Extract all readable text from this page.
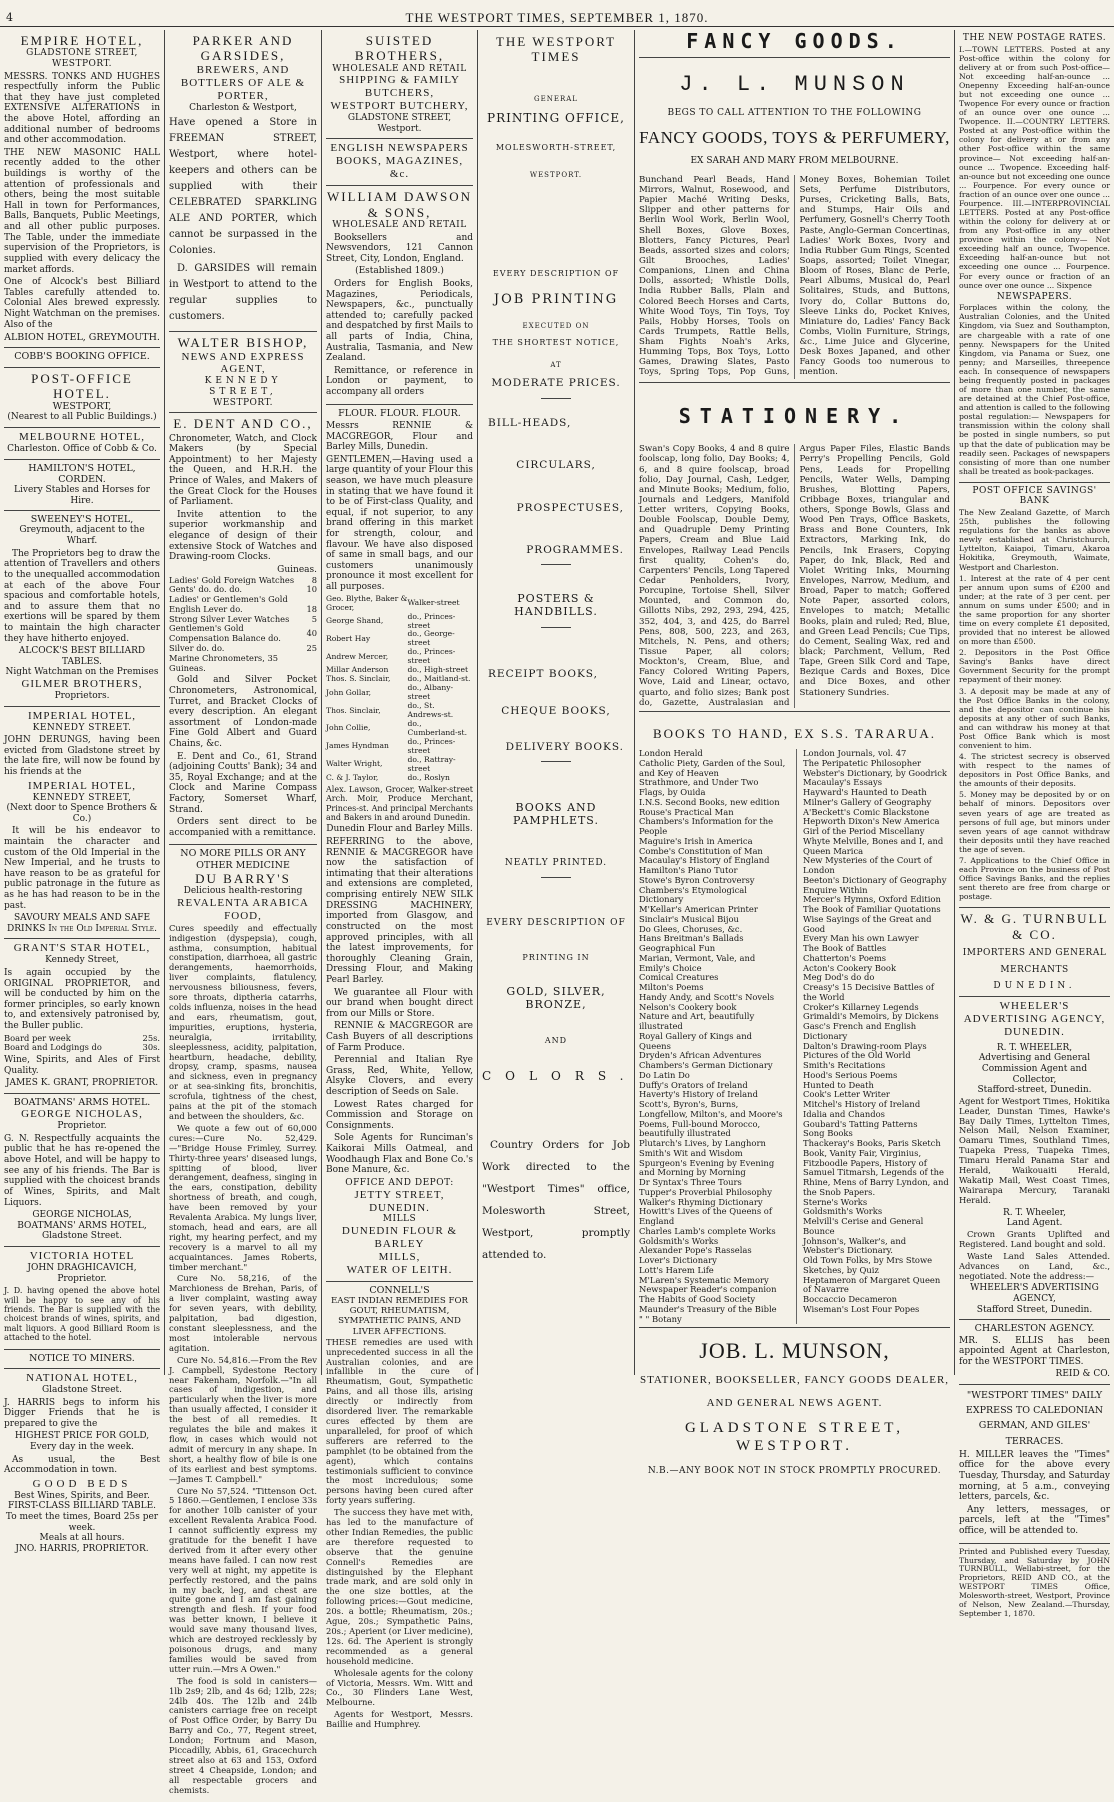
4	THE WESTPORT TIMES, SEPTEMBER 1, 1870.
EMPIRE HOTEL,
GLADSTONE STREET, WESTPORT.

MESSRS. TONKS AND HUGHES respectfully inform the Public that they have just completed EXTENSIVE ALTERATIONS in the above Hotel, affording an additional number of bedrooms and other accommodation.

THE NEW MASONIC HALL recently added to the other buildings is worthy of the attention of professionals and others, being the most suitable Hall in town for Performances, Balls, Banquets, Public Meetings, and all other public purposes. The Table, under the immediate supervision of the Proprietors, is supplied with every delicacy the market affords.

One of Alcock's best Billiard Tables carefully attended to. Colonial Ales brewed expressly. Night Watchman on the premises. Also of the

ALBION HOTEL, GREYMOUTH.
COBB'S BOOKING OFFICE.
POST-OFFICE HOTEL.
WESTPORT,
(Nearest to all Public Buildings.)
MELBOURNE HOTEL,
Charleston. Office of Cobb & Co.
HAMILTON'S HOTEL, CORDEN.
Livery Stables and Horses for Hire.
SWEENEY'S HOTEL,
Greymouth, adjacent to the Wharf.

The Proprietors beg to draw the attention of Travellers and others to the unequalled accommodation at each of the above Four spacious and comfortable hotels, and to assure them that no exertions will be spared by them to maintain the high character they have hitherto enjoyed.

ALCOCK'S BEST BILLIARD TABLES.
Night Watchman on the Premises
GILMER BROTHERS,
Proprietors.
IMPERIAL HOTEL,
KENNEDY STREET.

JOHN DERUNGS, having been evicted from Gladstone street by the late fire, will now be found by his friends at the

IMPERIAL HOTEL,
KENNEDY STREET,
(Next door to Spence Brothers & Co.)

It will be his endeavor to maintain the character and custom of the Old Imperial in the New Imperial, and he trusts to have reason to be as grateful for public patronage in the future as as he has had reason to be in the past.

SAVOURY MEALS AND SAFE DRINKS In the Old Imperial Style.
GRANT'S STAR HOTEL,
Kennedy Street,

Is again occupied by the ORIGINAL PROPRIETOR, and will be conducted by him on the former principles, so early known to, and extensively patronised by, the Buller public.

Board per week	25s.
Board and Lodgings do	30s.

Wine, Spirits, and Ales of First Quality.

JAMES K. GRANT, PROPRIETOR.
BOATMANS' ARMS HOTEL.
GEORGE NICHOLAS,
Proprietor.

G. N. Respectfully acquaints the public that he has re-opened the above Hotel, and will be happy to see any of his friends. The Bar is supplied with the choicest brands of Wines, Spirits, and Malt Liquors.

GEORGE NICHOLAS,
BOATMANS' ARMS HOTEL,
Gladstone Street.
VICTORIA HOTEL
JOHN DRAGHICAVICH,
Proprietor.

J. D. having opened the above hotel will be happy to see any of his friends. The Bar is supplied with the choicest brands of wines, spirits, and malt liquors. A good Billiard Room is attached to the hotel.

NOTICE TO MINERS.
NATIONAL HOTEL,
Gladstone Street.

J. HARRIS begs to inform his Digger Friends that he is prepared to give the

HIGHEST PRICE FOR GOLD,
Every day in the week.

As usual, the Best Accommodation in town.

GOOD BEDS
Best Wines, Spirits, and Beer.
FIRST-CLASS BILLIARD TABLE.
To meet the times, Board 25s per week.
Meals at all hours.
JNO. HARRIS, PROPRIETOR.
PARKER AND GARSIDES,
BREWERS, AND
BOTTLERS OF ALE & PORTER,
Charleston & Westport,

Have opened a Store in FREEMAN STREET, Westport, where hotel-keepers and others can be supplied with their CELEBRATED SPARKLING ALE AND PORTER, which cannot be surpassed in the Colonies.

D. GARSIDES will remain in Westport to attend to the regular supplies to customers.

WALTER BISHOP,
NEWS AND EXPRESS AGENT,
KENNEDY STREET,
WESTPORT.
E. DENT AND CO.,

Chronometer, Watch, and Clock Makers (by Special Appointment) to her Majesty the Queen, and H.R.H. the Prince of Wales, and Makers of the Great Clock for the Houses of Parliament.

Invite attention to the superior workmanship and elegance of design of their extensive Stock of Watches and Drawing-room Clocks.

Guineas.
Ladies' Gold Foreign Watches	8
Gents' do. do. do.	10
Ladies' or Gentlemen's Gold	
English Lever do.	18
Strong Silver Lever Watches	5
Gentlemen's Gold Compensation Balance do.	40
Silver do. do.	25
Marine Chronometers, 35 Guineas.	

Gold and Silver Pocket Chronometers, Astronomical, Turret, and Bracket Clocks of every description. An elegant assortment of London-made Fine Gold Albert and Guard Chains, &c.

E. Dent and Co., 61, Strand (adjoining Coutts' Bank); 34 and 35, Royal Exchange; and at the Clock and Marine Compass Factory, Somerset Wharf, Strand.

Orders sent direct to be accompanied with a remittance.

NO MORE PILLS OR ANY OTHER MEDICINE
DU BARRY'S
Delicious health-restoring
REVALENTA ARABICA FOOD,

Cures speedily and effectually indigestion (dyspepsia), cough, asthma, consumption, habitual constipation, diarrhoea, all gastric derangements, haemorrhoids, liver complaints, flatulency, nervousness biliousness, fevers, sore throats, diptheria catarrhs, colds influenza, noises in the head and ears, rheumatism, gout, impurities, eruptions, hysteria, neuralgia, irritability, sleeplessness, acidity, palpitation, heartburn, headache, debility, dropsy, cramp, spasms, nausea and sickness, even in pregnancy or at sea-sinking fits, bronchitis, scrofula, tightness of the chest, pains at the pit of the stomach and between the shoulders, &c.

We quote a few out of 60,000 cures:—Cure No. 52,429.—"Bridge House Frimley, Surrey. Thirty-three years' diseased lungs, spitting of blood, liver derangement, deafness, singing in the ears, constipation, debility shortness of breath, and cough, have been removed by your Revalenta Arabica. My lungs liver, stomach, head and ears, are all right, my hearing perfect, and my recovery is a marvel to all my acquaintances. James Roberts, timber merchant."

Cure No. 58,216, of the Marchioness de Brehan, Paris, of a liver complaint, wasting away for seven years, with debility, palpitation, bad digestion, constant sleeplessness, and the most intolerable nervous agitation.

Cure No. 54,816.—From the Rev J. Campbell, Sydestone Rectory near Fakenham, Norfolk.—"In all cases of indigestion, and particularly when the liver is more than usually affected, I consider it the best of all remedies. It regulates the bile and makes it flow, in cases which would not admit of mercury in any shape. In short, a healthy flow of bile is one of its earliest and best symptoms.—James T. Campbell."

Cure No 57,524. "Tittenson Oct. 5 1860.—Gentlemen, I enclose 33s for another 10lb canister of your excellent Revalenta Arabica Food. I cannot sufficiently express my gratitude for the benefit I have derived from it after every other means have failed. I can now rest very well at night, my appetite is perfectly restored, and the pains in my back, leg, and chest are quite gone and I am fast gaining strength and flesh. If your food was better known, I believe it would save many thousand lives, which are destroyed recklessly by poisonous drugs, and many families would be saved from utter ruin.—Mrs A Owen."

The food is sold in canisters—1lb 2s9; 2lb, and 4s 6d; 12lb, 22s; 24lb 40s. The 12lb and 24lb canisters carriage free on receipt of Post Office Order, by Barry Du Barry and Co., 77, Regent street, London; Fortnum and Mason, Piccadilly, Abbis, 61, Gracechurch street also at 63 and 153, Oxford street 4 Cheapside, London; and all respectable grocers and chemists.

SUISTED BROTHERS,
WHOLESALE AND RETAIL
SHIPPING & FAMILY
BUTCHERS,
WESTPORT BUTCHERY,
GLADSTONE STREET,
Westport.
ENGLISH NEWSPAPERS BOOKS, MAGAZINES, &c.
WILLIAM DAWSON & SONS,
WHOLESALE AND RETAIL

Booksellers and Newsvendors, 121 Cannon Street, City, London, England.

(Established 1809.)

Orders for English Books, Magazines, Periodicals, Newspapers, &c., punctually attended to; carefully packed and despatched by first Mails to all parts of India, China, Australia, Tasmania, and New Zealand.

Remittance, or reference in London or payment, to accompany all orders

FLOUR. FLOUR. FLOUR.

Messrs RENNIE & MACGREGOR, Flour and Barley Mills, Dunedin.

GENTLEMEN,—Having used a large quantity of your Flour this season, we have much pleasure in stating that we have found it to be of First-class Quality, and equal, if not superior, to any brand offering in this market for strength, colour, and flavour. We have also disposed of same in small bags, and our customers unanimously pronounce it most excellent for all purposes.

Geo. Blythe, Baker & Grocer,	Walker-street
George Shand,	do., Princes-street
Robert Hay	do., George-street
Andrew Mercer,	do., Princes-street
Millar Anderson	do., High-street
Thos. S. Sinclair,	do., Maitland-st.
John Gollar,	do., Albany-street
Thos. Sinclair,	do., St. Andrews-st.
John Collie,	do., Cumberland-st.
James Hyndman	do., Princes-street
Walter Wright,	do., Rattray-street
C. & J. Taylor,	do., Roslyn

Alex. Lawson, Grocer, Walker-street Arch. Moir, Produce Merchant, Princes-st. And principal Merchants and Bakers in and around Dunedin.

Dunedin Flour and Barley Mills.

REFERRING to the above, RENNIE & MACGREGOR have now the satisfaction of intimating that their alterations and extensions are completed, comprising entirely NEW SILK DRESSING MACHINERY, imported from Glasgow, and constructed on the most approved principles, with all the latest improvements, for thoroughly Cleaning Grain, Dressing Flour, and Making Pearl Barley.

We guarantee all Flour with our brand when bought direct from our Mills or Store.

RENNIE & MACGREGOR are Cash Buyers of all descriptions of Farm Produce.

Perennial and Italian Rye Grass, Red, White, Yellow, Alsyke Clovers, and every description of Seeds on Sale.

Lowest Rates charged for Commission and Storage on Consignments.

Sole Agents for Runciman's Kaikorai Mills Oatmeal, and Woodhaugh Flax and Bone Co.'s Bone Manure, &c.

OFFICE AND DEPOT:
JETTY STREET, DUNEDIN.
MILLS
DUNEDIN FLOUR & BARLEY
MILLS,
WATER OF LEITH.
CONNELL'S
EAST INDIAN REMEDIES FOR GOUT, RHEUMATISM, SYMPATHETIC PAINS, AND LIVER AFFECTIONS.

THESE remedies are used with unprecedented success in all the Australian colonies, and are infallible in the cure of Rheumatism, Gout, Sympathetic Pains, and all those ills, arising directly or indirectly from disordered liver. The remarkable cures effected by them are unparalleled, for proof of which sufferers are referred to the pamphlet (to be obtained from the agent), which contains testimonials sufficient to convince the most incredulous; some persons having been cured after forty years suffering.

The success they have met with, has led to the manufacture of other Indian Remedies, the public are therefore requested to observe that the genuine Connell's Remedies are distinguished by the Elephant trade mark, and are sold only in the one size bottles, at the following prices:—Gout medicine, 20s. a bottle; Rheumatism, 20s.; Ague, 20s.; Sympathetic Pains, 20s.; Aperient (or Liver medicine), 12s. 6d. The Aperient is strongly recommended as a general household medicine.

Wholesale agents for the colony of Victoria, Messrs. Wm. Witt and Co., 30 Flinders Lane West, Melbourne.

Agents for Westport, Messrs. Baillie and Humphrey.

THE WESTPORT TIMES
GENERAL
PRINTING OFFICE,
MOLESWORTH-STREET,
WESTPORT.
EVERY DESCRIPTION OF
JOB PRINTING
EXECUTED ON
THE SHORTEST NOTICE,
AT
MODERATE PRICES.
BILL-HEADS,
CIRCULARS,
PROSPECTUSES,
PROGRAMMES.
POSTERS & HANDBILLS.
RECEIPT BOOKS,
CHEQUE BOOKS,
DELIVERY BOOKS.
BOOKS AND PAMPHLETS.
NEATLY PRINTED.
EVERY DESCRIPTION OF
PRINTING IN
GOLD, SILVER, BRONZE,
AND
COLORS.

Country Orders for Job Work directed to the "Westport Times" office, Molesworth Street, Westport, promptly attended to.

FANCY GOODS.
J. L. MUNSON
BEGS TO CALL ATTENTION TO THE FOLLOWING
FANCY GOODS, TOYS & PERFUMERY,
EX SARAH AND MARY FROM MELBOURNE.

Bunchand Pearl Beads, Hand Mirrors, Walnut, Rosewood, and Papier Maché Writing Desks, Slipper and other patterns for Berlin Wool Work, Berlin Wool, Shell Boxes, Glove Boxes, Blotters, Fancy Pictures, Pearl Beads, assorted sizes and colors; Gilt Brooches, Ladies' Companions, Linen and China Dolls, assorted; Whistle Dolls, India Rubber Balls, Plain and Colored Beech Horses and Carts, White Wood Toys, Tin Toys, Toy Pails, Hobby Horses, Tools on Cards Trumpets, Rattle Bells, Sham Fights Noah's Arks, Humming Tops, Box Toys, Lotto Games, Drawing Slates, Pasto Toys, Spring Tops, Pop Guns, Money Boxes, Bohemian Toilet Sets, Perfume Distributors, Purses, Cricketing Balls, Bats, and Stumps, Hair Oils and Perfumery, Gosnell's Cherry Tooth Paste, Anglo-German Concertinas, Ladies' Work Boxes, Ivory and India Rubber Gum Rings, Scented Soaps, assorted; Toilet Vinegar, Bloom of Roses, Blanc de Perle, Pearl Albums, Musical do, Pearl Solitaires, Studs, and Buttons, Ivory do, Collar Buttons do, Sleeve Links do, Pocket Knives, Miniature do, Ladies' Fancy Back Combs, Violin Furniture, Strings, &c., Lime Juice and Glycerine, Desk Boxes Japaned, and other Fancy Goods too numerous to mention.

STATIONERY.

Swan's Copy Books, 4 and 8 quire foolscap, long folio, Day Books; 4, 6, and 8 quire foolscap, broad folio, Day Journal, Cash, Ledger, and Minute Books; Medium, folio, Journals and Ledgers, Manifold Letter writers, Copying Books, Double Foolscap, Double Demy, and Quadruple Demy Printing Papers, Cream and Blue Laid Envelopes, Railway Lead Pencils first quality, Cohen's do, Carpenters' Pencils, Long Tapered Cedar Penholders, Ivory, Porcupine, Tortoise Shell, Silver Mounted, and Common do, Gillotts Nibs, 292, 293, 294, 425, 352, 404, 3, and 425, do Barrel Pens, 808, 500, 223, and 263, Mitchels, N. Pens, and others; Tissue Paper, all colors; Mockton's, Cream, Blue, and Fancy Colored Writing Papers, Wove, Laid and Linear, octavo, quarto, and folio sizes; Bank post do, Gazette, Australasian and Argus Paper Files, Elastic Bands Perry's Propelling Pencils, Gold Pens, Leads for Propelling Pencils, Water Wells, Damping Brushes, Blotting Papers, Cribbage Boxes, triangular and others, Sponge Bowls, Glass and Wood Pen Trays, Office Baskets, Brass and Bone Counters, Ink Extractors, Marking Ink, do Pencils, Ink Erasers, Copying Paper, do Ink, Black, Red and Violet Writing Inks, Mourning Envelopes, Narrow, Medium, and Broad, Paper to match; Goffered Note Paper, assorted colors, Envelopes to match; Metallic Books, plain and ruled; Red, Blue, and Green Lead Pencils; Cue Tips, do Cement, Sealing Wax, red and black; Parchment, Vellum, Red Tape, Green Silk Cord and Tape, Bezique Cards and Boxes, Dice and Dice Boxes, and other Stationery Sundries.

BOOKS TO HAND, EX S.S. TARARUA.
London Herald
Catholic Piety, Garden of the Soul, and Key of Heaven
Strathmore, and Under Two Flags, by Ouida
I.N.S. Second Books, new edition
Rouse's Practical Man
Chambers's Information for the People
Maguire's Irish in America
Combe's Constitution of Man
Macaulay's History of England
Hamilton's Piano Tutor
Stowe's Byron Controversy
Chambers's Etymological Dictionary
M'Kellar's American Printer
Sinclair's Musical Bijou
Do Glees, Choruses, &c.
Hans Breitman's Ballads
Geographical Fun
Marian, Vermont, Vale, and Emily's Choice
Comical Creatures
Milton's Poems
Handy Andy, and Scott's Novels
Nelson's Cookery book
Nature and Art, beautifully illustrated
Royal Gallery of Kings and Queens
Dryden's African Adventures
Chambers's German Dictionary
Do Latin Do
Duffy's Orators of Ireland
Haverty's History of Ireland
Scott's, Byron's, Burns, Longfellow, Milton's, and Moore's Poems, Full-bound Morocco, beautifully illustrated
Plutarch's Lives, by Langhorn
Smith's Wit and Wisdom
Spurgeon's Evening by Evening and Morning by Morning
Dr Syntax's Three Tours
Tupper's Proverbial Philosophy
Walker's Rhyming Dictionary
Howitt's Lives of the Queens of England
Charles Lamb's complete Works
Goldsmith's Works
Alexander Pope's Rasselas
Lover's Dictionary
Lott's Harem Life
M'Laren's Systematic Memory
Newspaper Reader's companion
The Habits of Good Society
Maunder's Treasury of the Bible
" " Botany
London Journals, vol. 47
The Peripatetic Philosopher
Webster's Dictionary, by Goodrick
Macaulay's Essays
Hayward's Haunted to Death
Milner's Gallery of Geography
A'Beckett's Comic Blackstone
Hepworth Dixon's New America
Girl of the Period Miscellany
Whyte Melville, Bones and I, and Queen Marica
New Mysteries of the Court of London
Beeton's Dictionary of Geography
Enquire Within
Mercer's Hymns, Oxford Edition
The Book of Familiar Quotations
Wise Sayings of the Great and Good
Every Man his own Lawyer
The Book of Battles
Chatterton's Poems
Acton's Cookery Book
Meg Dod's do do
Creasy's 15 Decisive Battles of the World
Croker's Killarney Legends
Grimaldi's Memoirs, by Dickens
Gasc's French and English Dictionary
Dalton's Drawing-room Plays
Pictures of the Old World
Smith's Recitations
Hood's Serious Poems
Hunted to Death
Cook's Letter Writer
Mitchel's History of Ireland
Idalia and Chandos
Goubard's Tatting Patterns
Song Books
Thackeray's Books, Paris Sketch Book, Vanity Fair, Virginius, Fitzboodle Papers, History of Samuel Titmarsh, Legends of the Rhine, Mens of Barry Lyndon, and the Snob Papers.
Sterne's Works
Goldsmith's Works
Melvill's Cerise and General Bounce
Johnson's, Walker's, and Webster's Dictionary.
Old Town Folks, by Mrs Stowe
Sketches, by Quiz
Heptameron of Margaret Queen of Navarre
Boccaccio Decameron
Wiseman's Lost Four Popes
JOB. L. MUNSON,
STATIONER, BOOKSELLER, FANCY GOODS DEALER,
AND GENERAL NEWS AGENT.
GLADSTONE STREET, WESTPORT.
N.B.—ANY BOOK NOT IN STOCK PROMPTLY PROCURED.
THE NEW POSTAGE RATES.

I.—TOWN LETTERS. Posted at any Post-office within the colony for delivery at or from such Post-office— Not exceeding half-an-ounce ... Onepenny Exceeding half-an-ounce but not exceeding one ounce ... Twopence For every ounce or fraction of an ounce over one ounce ... Twopence. II.—COUNTRY LETTERS. Posted at any Post-office within the colony for delivery at or from any other Post-office within the same province— Not exceeding half-an-ounce ... Twopence. Exceeding half-an-ounce but not exceeding one ounce ... Fourpence. For every ounce or fraction of an ounce over one ounce ... Fourpence. III.—INTERPROVINCIAL LETTERS. Posted at any Post-office within the colony for delivery at or from any Post-office in any other province within the colony— Not exceeding half an ounce, Twopence. Exceeding half-an-ounce but not exceeding one ounce ... Fourpence. For every ounce or fraction of an ounce over one ounce ... Sixpence

NEWSPAPERS.

Forplaces within the colony, the Australian Colonies, and the United Kingdom, via Suez and Southampton, are chargeable with a rate of one penny. Newspapers for the United Kingdom, via Panama or Suez, one penny; and Marseilles, threepence each. In consequence of newspapers being frequently posted in packages of more than one number, the same are detained at the Chief Post-office, and attention is called to the following postal regulation:— Newspapers for transmission within the colony shall be posted in single numbers, so put up that the date of publication may be readily seen. Packages of newspapers consisting of more than one number shall be treated as book-packages.

POST OFFICE SAVINGS' BANK

The New Zealand Gazette, of March 25th, publishes the following regulations for the banks as above newly established at Christchurch, Lyttelton, Kaiapoi, Timaru, Akaroa Hokitika, Greymouth, Waimate, Westport and Charleston.

1. Interest at the rate of 4 per cent per annum upon sums of £200 and under; at the rate of 3 per cent. per annum on sums under £500; and in the same proportion for any shorter time on every complete £1 deposited, provided that no interest be allowed on more than £500.

2. Depositors in the Post Office Saving's Banks have direct Government Security for the prompt repayment of their money.

3. A deposit may be made at any of the Post Office Banks in the colony, and the depositor can continue his deposits at any other of such Banks, and can withdraw his money at that Post Office Bank which is most convenient to him.

4. The strictest secrecy is observed with respect to the names of depositors in Post Office Banks, and the amounts of their deposits.

5. Money may be deposited by or on behalf of minors. Depositors over seven years of age are treated as persons of full age, but minors under seven years of age cannot withdraw their deposits until they have reached the age of seven.

7. Applications to the Chief Office in each Province on the business of Post Office Savings Banks, and the replies sent thereto are free from charge or postage.

W. & G. TURNBULL & CO.
IMPORTERS AND GENERAL
MERCHANTS
DUNEDIN.
WHEELER'S ADVERTISING AGENCY, DUNEDIN.
R. T. WHEELER,
Advertising and General Commission Agent and Collector,
Stafford-street, Dunedin.

Agent for Westport Times, Hokitika Leader, Dunstan Times, Hawke's Bay Daily Times, Lyttelton Times, Nelson Mail, Nelson Examiner, Oamaru Times, Southland Times, Tuapeka Press, Tuapeka Times, Timaru Herald Panama Star and Herald, Waikouaiti Herald, Wakatip Mail, West Coast Times, Wairarapa Mercury, Taranaki Herald.

R. T. Wheeler,
Land Agent.

Crown Grants Uplifted and Registered. Land bought and sold.

Waste Land Sales Attended. Advances on Land, &c., negotiated. Note the address:—

WHEELER'S ADVERTISING AGENCY,
Stafford Street, Dunedin.
CHARLESTON AGENCY.

MR. S. ELLIS has been appointed Agent at Charleston, for the WESTPORT TIMES.

REID & CO.
"WESTPORT TIMES" DAILY EXPRESS TO CALEDONIAN GERMAN, AND GILES' TERRACES.

H. MILLER leaves the "Times" office for the above every Tuesday, Thursday, and Saturday morning, at 5 a.m., conveying letters, parcels, &c.

Any letters, messages, or parcels, left at the "Times" office, will be attended to.

Printed and Published every Tuesday, Thursday, and Saturday by JOHN TURNBULL, Wellabi-street, for the Proprietors, REID AND CO., at the WESTPORT TIMES Office, Molesworth-street, Westport, Province of Nelson, New Zealand.—Thursday, September 1, 1870.
